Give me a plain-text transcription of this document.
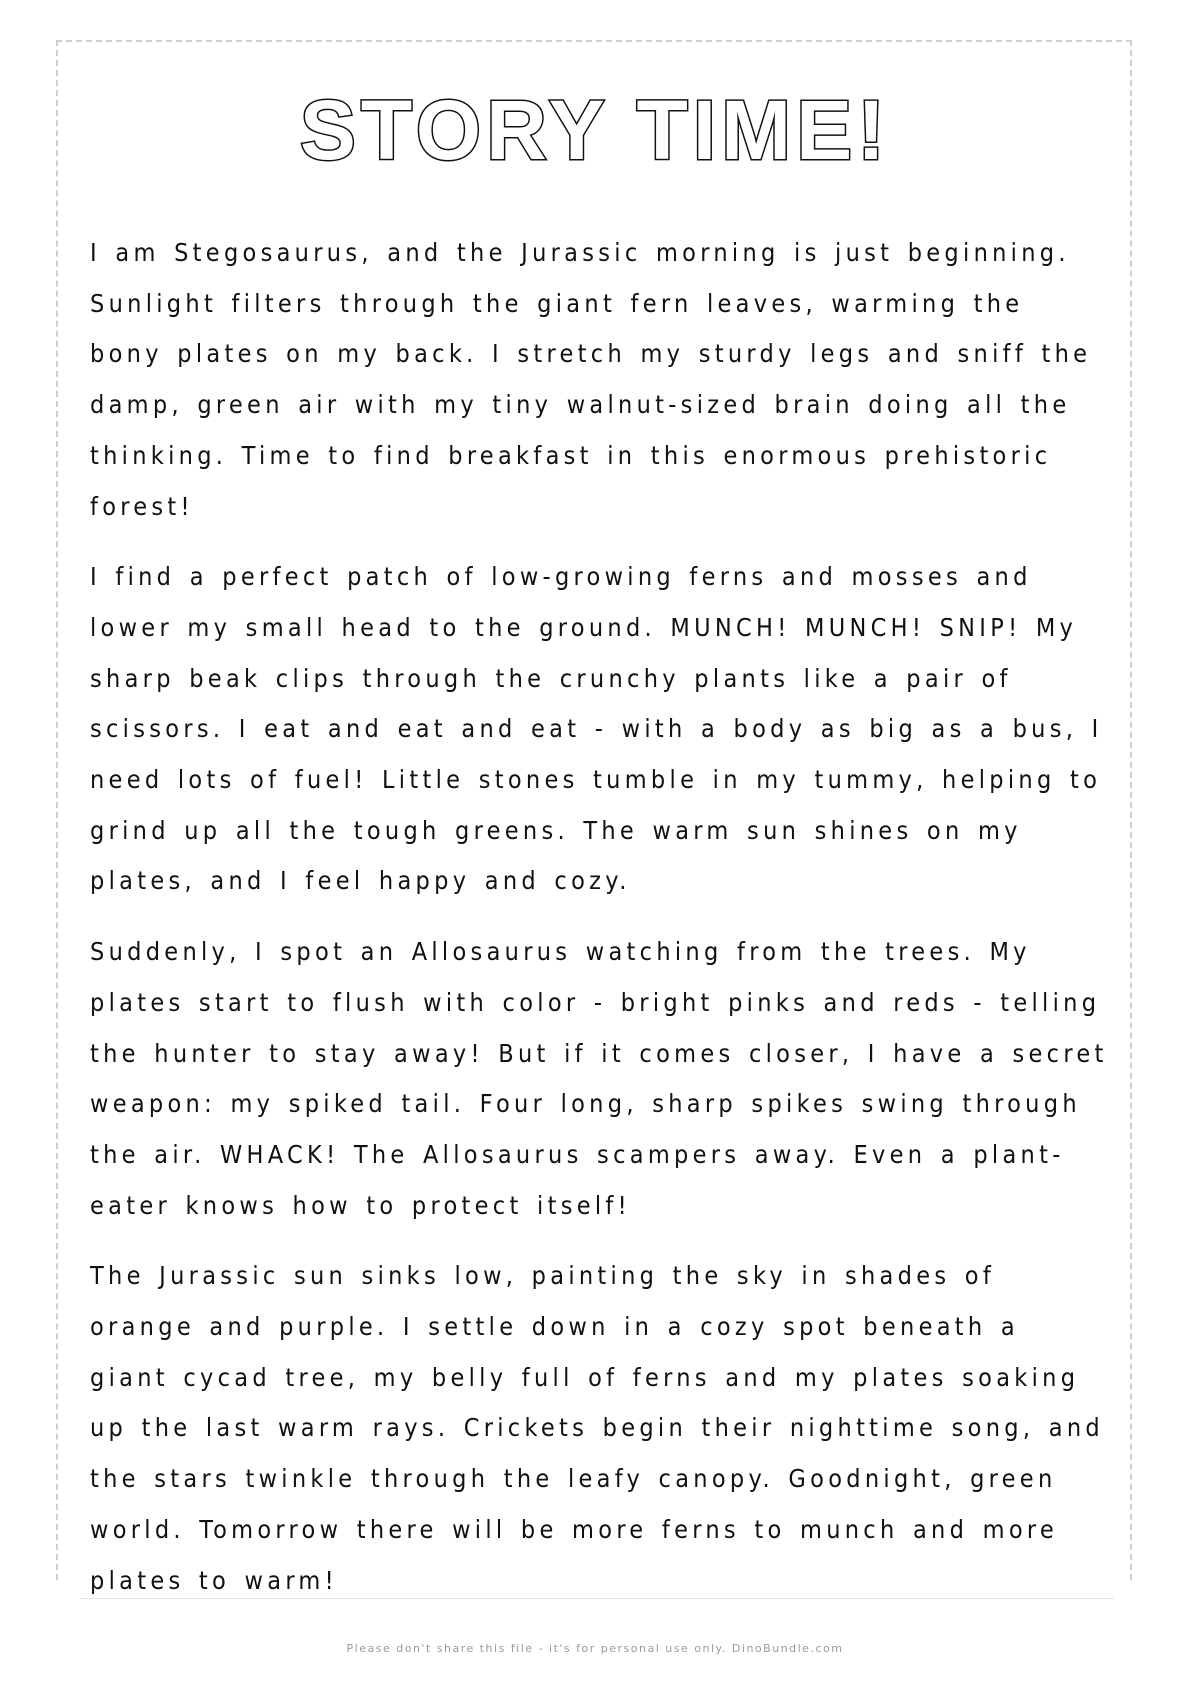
STORY TIME!

I am Stegosaurus, and the Jurassic morning is just beginning. Sunlight filters through the giant fern leaves, warming the bony plates on my back. I stretch my sturdy legs and sniff the damp, green air with my tiny walnut-sized brain doing all the thinking. Time to find breakfast in this enormous prehistoric forest!

I find a perfect patch of low-growing ferns and mosses and lower my small head to the ground. MUNCH! MUNCH! SNIP! My sharp beak clips through the crunchy plants like a pair of scissors. I eat and eat and eat - with a body as big as a bus, I need lots of fuel! Little stones tumble in my tummy, helping to grind up all the tough greens. The warm sun shines on my plates, and I feel happy and cozy.

Suddenly, I spot an Allosaurus watching from the trees. My plates start to flush with color - bright pinks and reds - telling the hunter to stay away! But if it comes closer, I have a secret weapon: my spiked tail. Four long, sharp spikes swing through the air. WHACK! The Allosaurus scampers away. Even a plant-eater knows how to protect itself!

The Jurassic sun sinks low, painting the sky in shades of orange and purple. I settle down in a cozy spot beneath a giant cycad tree, my belly full of ferns and my plates soaking up the last warm rays. Crickets begin their nighttime song, and the stars twinkle through the leafy canopy. Goodnight, green world. Tomorrow there will be more ferns to munch and more plates to warm!

Please don't share this file - it's for personal use only. DinoBundle.com
